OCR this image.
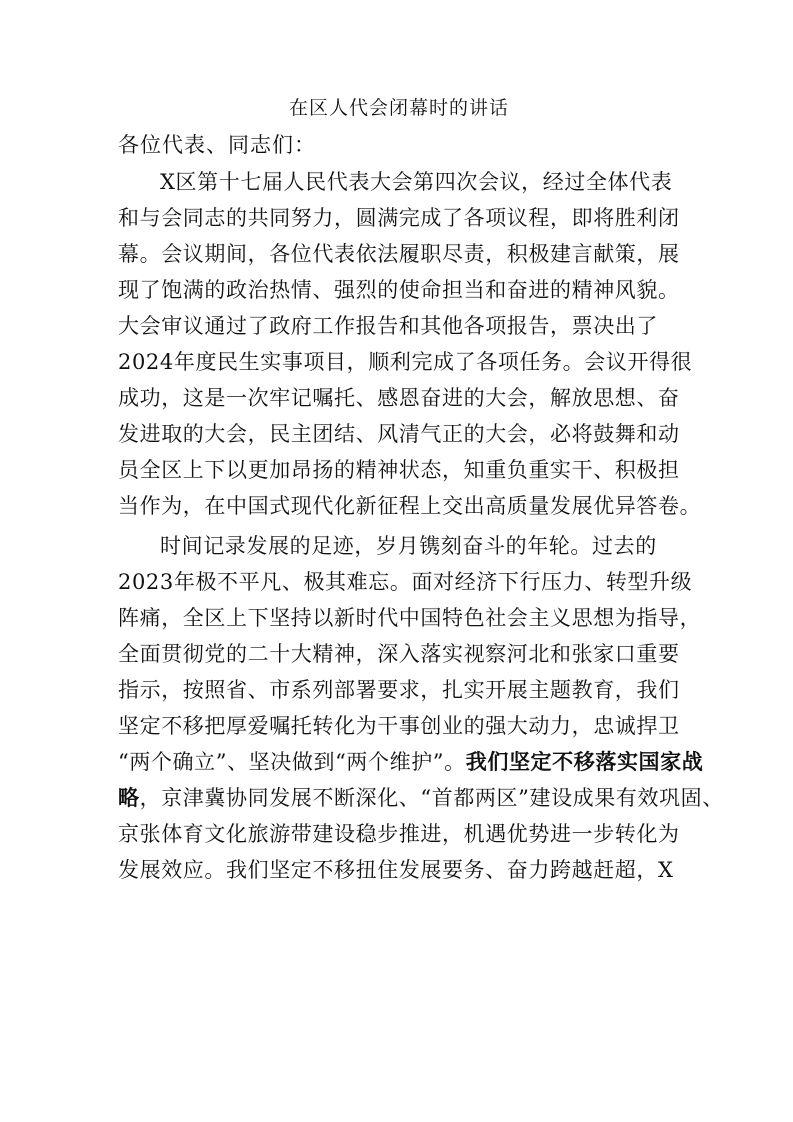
在区人代会闭幕时的讲话

各位代表、同志们：

X区第十七届人民代表大会第四次会议，经过全体代表
和与会同志的共同努力，圆满完成了各项议程，即将胜利闭
幕。会议期间，各位代表依法履职尽责，积极建言献策，展
现了饱满的政治热情、强烈的使命担当和奋进的精神风貌。
大会审议通过了政府工作报告和其他各项报告，票决出了
2024年度民生实事项目，顺利完成了各项任务。会议开得很
成功，这是一次牢记嘱托、感恩奋进的大会，解放思想、奋
发进取的大会，民主团结、风清气正的大会，必将鼓舞和动
员全区上下以更加昂扬的精神状态，知重负重实干、积极担
当作为，在中国式现代化新征程上交出高质量发展优异答卷。
时间记录发展的足迹，岁月镌刻奋斗的年轮。过去的
2023年极不平凡、极其难忘。面对经济下行压力、转型升级
阵痛，全区上下坚持以新时代中国特色社会主义思想为指导，
全面贯彻党的二十大精神，深入落实视察河北和张家口重要
指示，按照省、市系列部署要求，扎实开展主题教育，我们
坚定不移把厚爱嘱托转化为干事创业的强大动力，忠诚捍卫
“两个确立”、坚决做到“两个维护”。我们坚定不移落实国家战
略，京津冀协同发展不断深化、“首都两区”建设成果有效巩固、
京张体育文化旅游带建设稳步推进，机遇优势进一步转化为
发展效应。我们坚定不移扭住发展要务、奋力跨越赶超，X
